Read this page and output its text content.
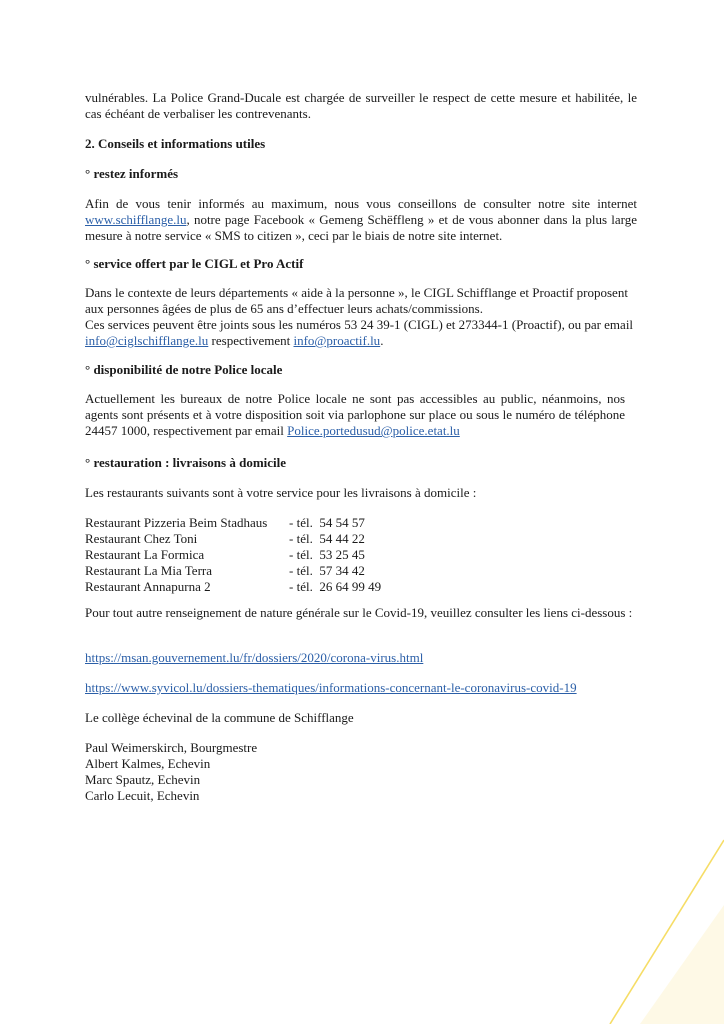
vulnérables. La Police Grand-Ducale est chargée de surveiller le respect de cette mesure et habilitée, le cas échéant de verbaliser les contrevenants.

2. Conseils et informations utiles

° restez informés

Afin de vous tenir informés au maximum, nous vous conseillons de consulter notre site internet www.schifflange.lu, notre page Facebook « Gemeng Schëffleng » et de vous abonner dans la plus large mesure à notre service « SMS to citizen », ceci par le biais de notre site internet.

° service offert par le CIGL et Pro Actif

Dans le contexte de leurs départements « aide à la personne », le CIGL Schifflange et Proactif proposent aux personnes âgées de plus de 65 ans d’effectuer leurs achats/commissions.
Ces services peuvent être joints sous les numéros 53 24 39-1 (CIGL) et 273344-1 (Proactif), ou par email
info@ciglschifflange.lu respectivement info@proactif.lu.

° disponibilité de notre Police locale

Actuellement les bureaux de notre Police locale ne sont pas accessibles au public, néanmoins, nos agents sont présents et à votre disposition soit via parlophone sur place ou sous le numéro de téléphone 24457 1000, respectivement par email Police.portedusud@police.etat.lu

° restauration : livraisons à domicile

Les restaurants suivants sont à votre service pour les livraisons à domicile :

Restaurant Pizzeria Beim Stadhaus	- tél.  54 54 57
Restaurant Chez Toni	- tél.  54 44 22
Restaurant La Formica	- tél.  53 25 45
Restaurant La Mia Terra	- tél.  57 34 42
Restaurant Annapurna 2	- tél.  26 64 99 49

Pour tout autre renseignement de nature générale sur le Covid-19, veuillez consulter les liens ci-dessous :

https://msan.gouvernement.lu/fr/dossiers/2020/corona-virus.html
https://www.syvicol.lu/dossiers-thematiques/informations-concernant-le-coronavirus-covid-19

Le collège échevinal de la commune de Schifflange

Paul Weimerskirch, Bourgmestre

Albert Kalmes, Echevin

Marc Spautz, Echevin

Carlo Lecuit, Echevin
